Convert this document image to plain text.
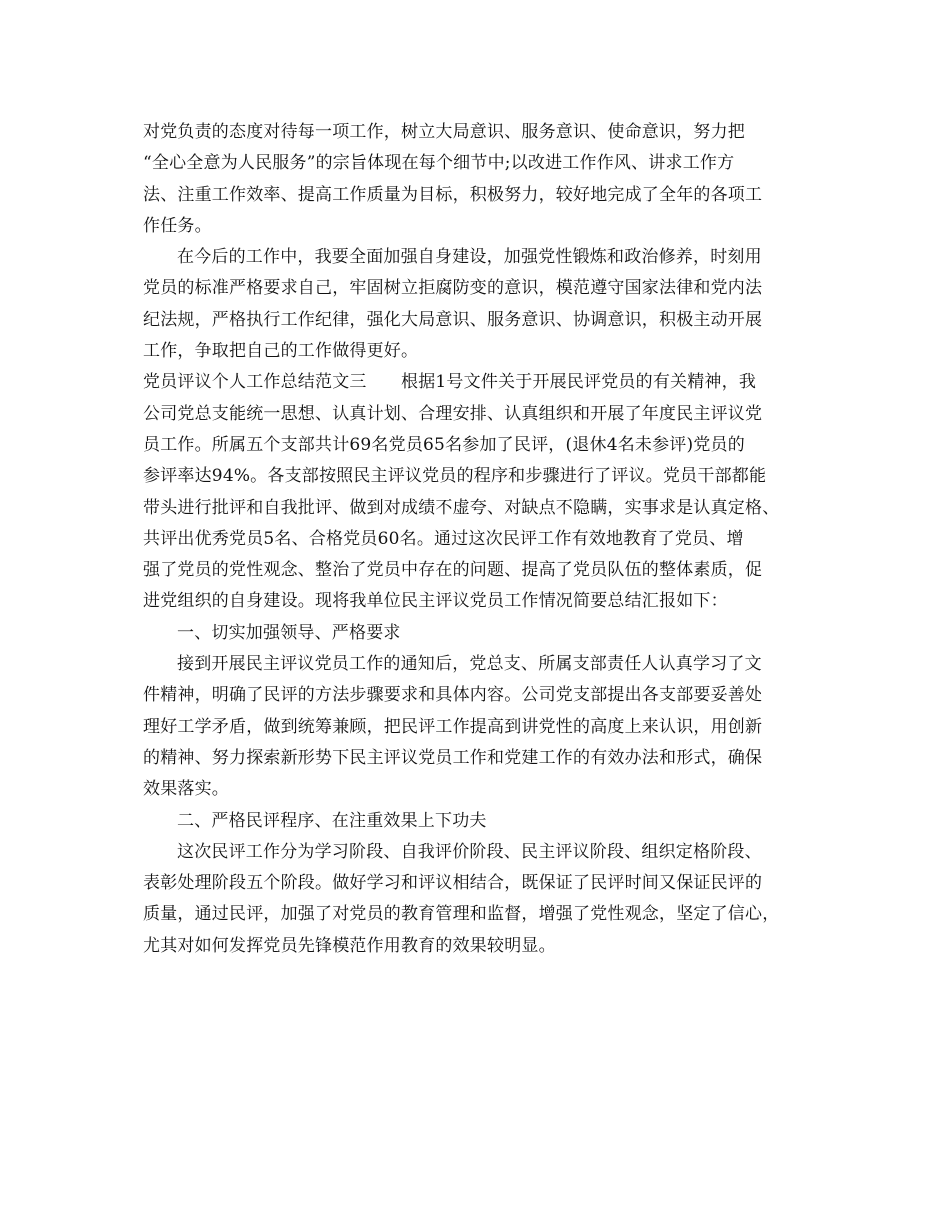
对党负责的态度对待每一项工作，树立大局意识、服务意识、使命意识，努力把
“全心全意为人民服务”的宗旨体现在每个细节中;以改进工作作风、讲求工作方
法、注重工作效率、提高工作质量为目标，积极努力，较好地完成了全年的各项工
作任务。
在今后的工作中，我要全面加强自身建设，加强党性锻炼和政治修养，时刻用
党员的标准严格要求自己，牢固树立拒腐防变的意识，模范遵守国家法律和党内法
纪法规，严格执行工作纪律，强化大局意识、服务意识、协调意识，积极主动开展
工作，争取把自己的工作做得更好。
党员评议个人工作总结范文三　　根据1号文件关于开展民评党员的有关精神，我
公司党总支能统一思想、认真计划、合理安排、认真组织和开展了年度民主评议党
员工作。所属五个支部共计69名党员65名参加了民评，(退休4名未参评)党员的
参评率达94%。各支部按照民主评议党员的程序和步骤进行了评议。党员干部都能
带头进行批评和自我批评、做到对成绩不虚夸、对缺点不隐瞒，实事求是认真定格、
共评出优秀党员5名、合格党员60名。通过这次民评工作有效地教育了党员、增
强了党员的党性观念、整治了党员中存在的问题、提高了党员队伍的整体素质，促
进党组织的自身建设。现将我单位民主评议党员工作情况简要总结汇报如下：
一、切实加强领导、严格要求
接到开展民主评议党员工作的通知后，党总支、所属支部责任人认真学习了文
件精神，明确了民评的方法步骤要求和具体内容。公司党支部提出各支部要妥善处
理好工学矛盾，做到统筹兼顾，把民评工作提高到讲党性的高度上来认识，用创新
的精神、努力探索新形势下民主评议党员工作和党建工作的有效办法和形式，确保
效果落实。
二、严格民评程序、在注重效果上下功夫
这次民评工作分为学习阶段、自我评价阶段、民主评议阶段、组织定格阶段、
表彰处理阶段五个阶段。做好学习和评议相结合，既保证了民评时间又保证民评的
质量，通过民评，加强了对党员的教育管理和监督，增强了党性观念，坚定了信心，
尤其对如何发挥党员先锋模范作用教育的效果较明显。
